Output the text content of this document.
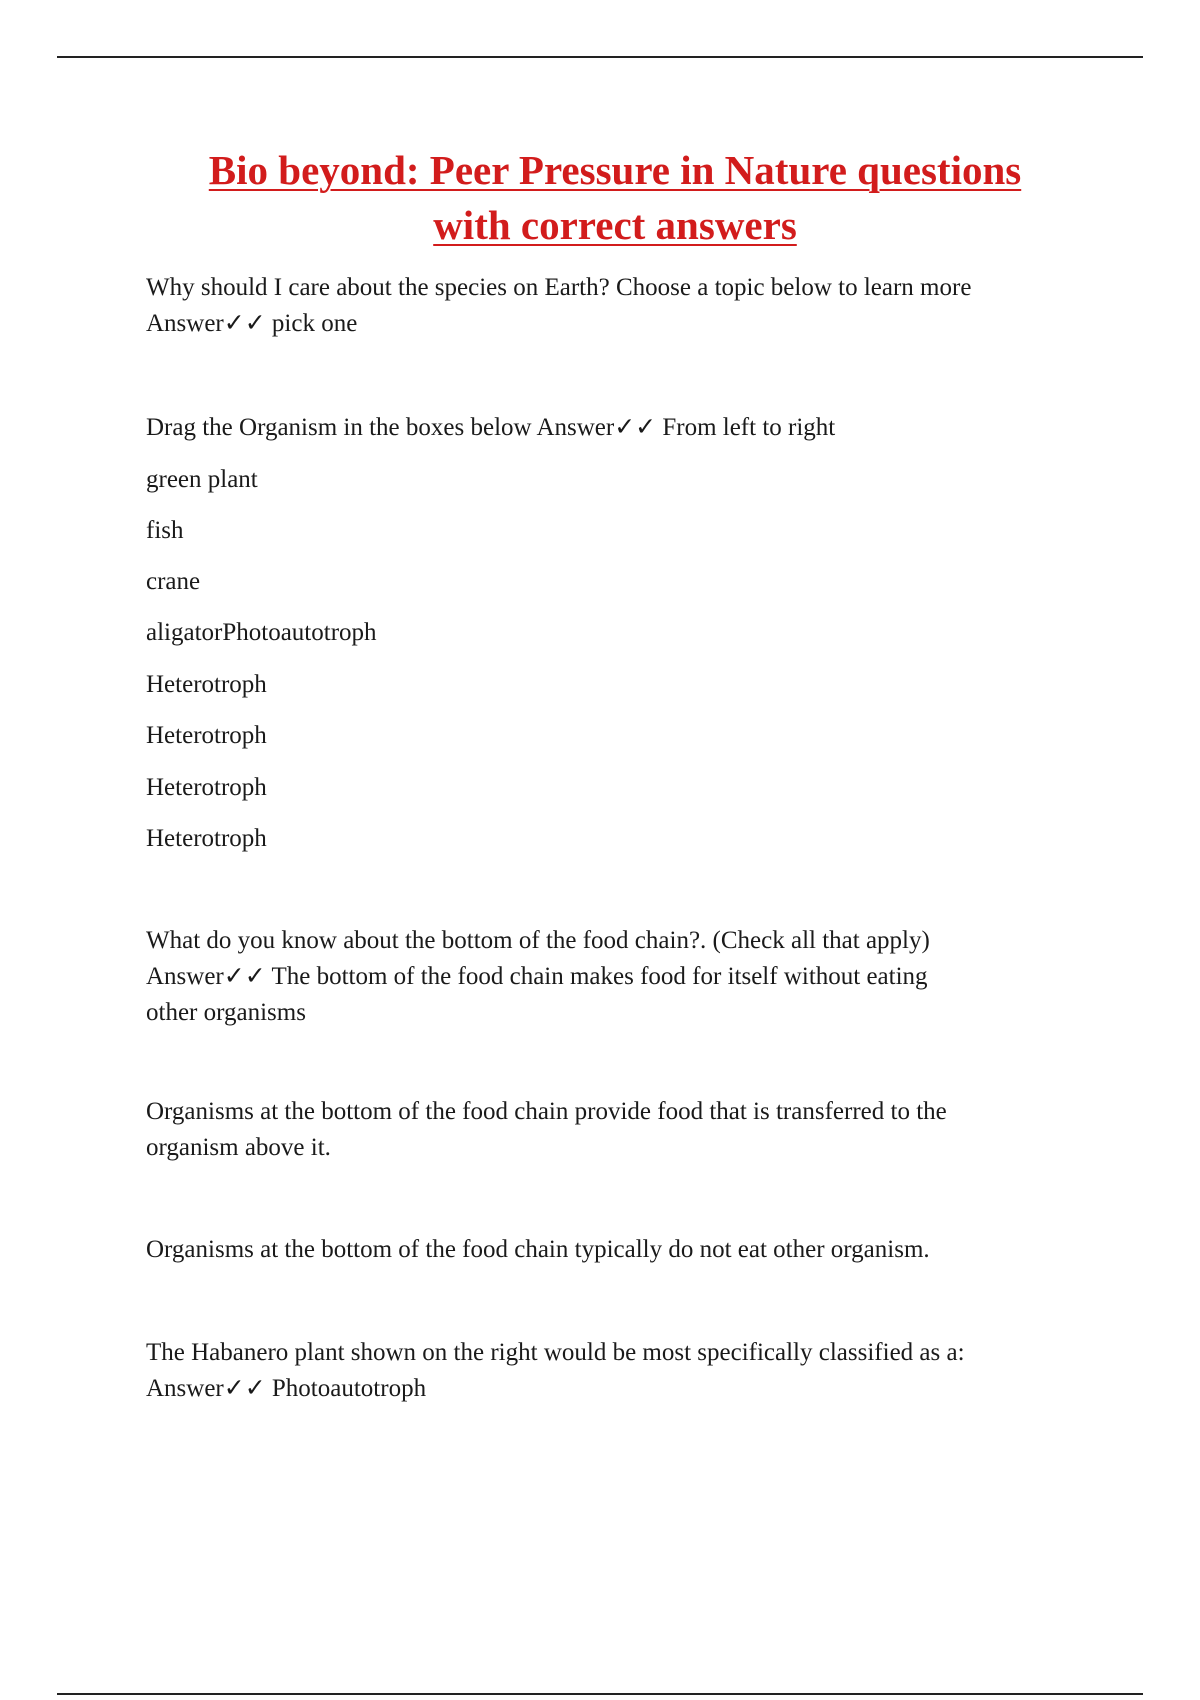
Bio beyond: Peer Pressure in Nature questions
with correct answers

Why should I care about the species on Earth? Choose a topic below to learn more
Answer✓✓ pick one

Drag the Organism in the boxes below Answer✓✓ From left to right

green plant

fish

crane

aligatorPhotoautotroph

Heterotroph

Heterotroph

Heterotroph

Heterotroph

What do you know about the bottom of the food chain?. (Check all that apply)
Answer✓✓ The bottom of the food chain makes food for itself without eating
other organisms

Organisms at the bottom of the food chain provide food that is transferred to the
organism above it.

Organisms at the bottom of the food chain typically do not eat other organism.

The Habanero plant shown on the right would be most specifically classified as a:
Answer✓✓ Photoautotroph
